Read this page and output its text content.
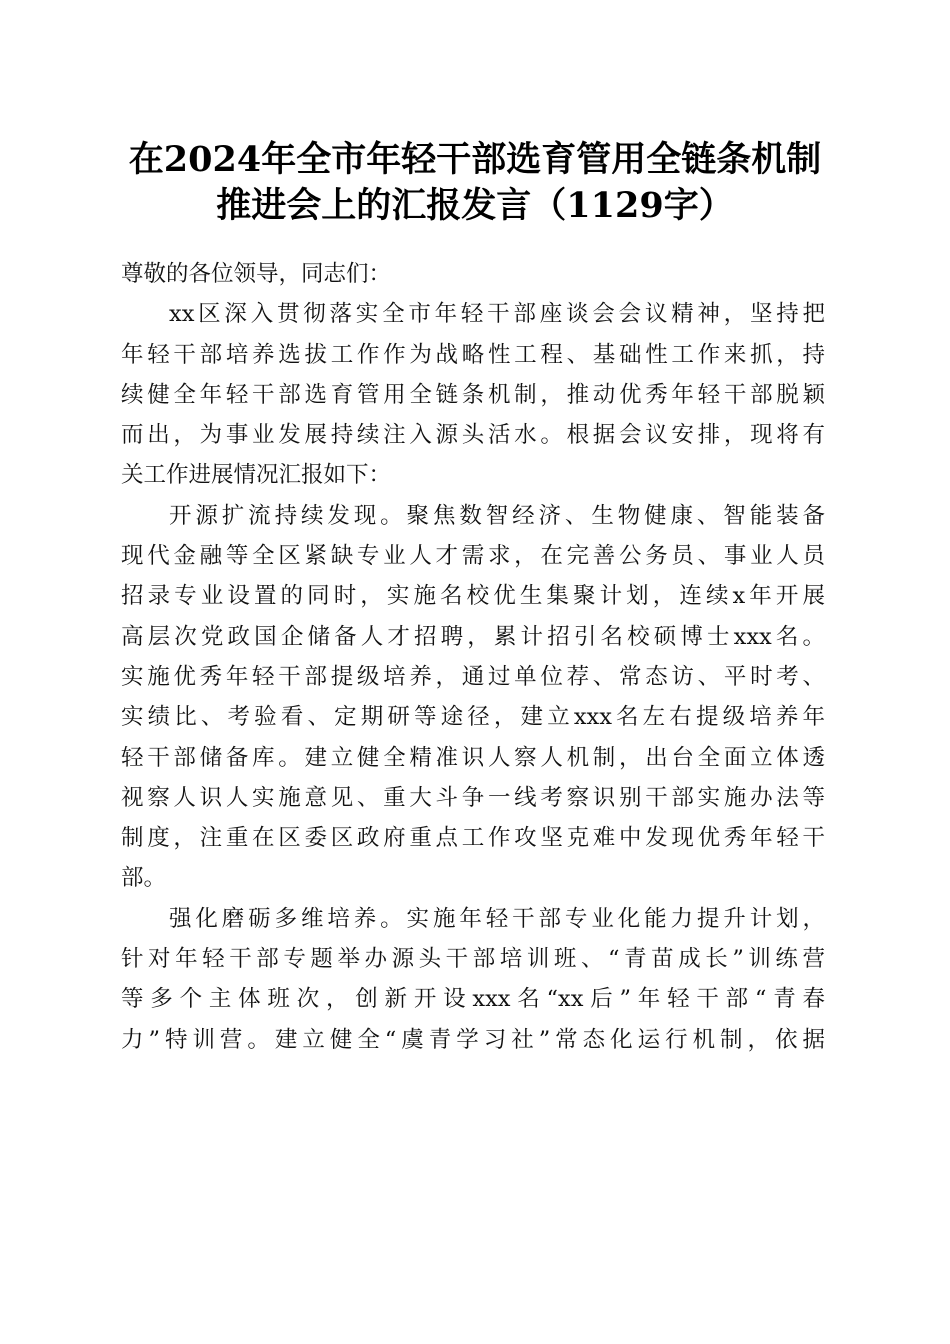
在2024年全市年轻干部选育管用全链条机制
推进会上的汇报发言（1129字）
尊敬的各位领导，同志们：
xx区深入贯彻落实全市年轻干部座谈会会议精神，坚持把
年轻干部培养选拔工作作为战略性工程、基础性工作来抓，持
续健全年轻干部选育管用全链条机制，推动优秀年轻干部脱颖
而出，为事业发展持续注入源头活水。根据会议安排，现将有
关工作进展情况汇报如下：
开源扩流持续发现。聚焦数智经济、生物健康、智能装备
现代金融等全区紧缺专业人才需求，在完善公务员、事业人员
招录专业设置的同时，实施名校优生集聚计划，连续x年开展
高层次党政国企储备人才招聘，累计招引名校硕博士xxx名。
实施优秀年轻干部提级培养，通过单位荐、常态访、平时考、
实绩比、考验看、定期研等途径，建立xxx名左右提级培养年
轻干部储备库。建立健全精准识人察人机制，出台全面立体透
视察人识人实施意见、重大斗争一线考察识别干部实施办法等
制度，注重在区委区政府重点工作攻坚克难中发现优秀年轻干
部。
强化磨砺多维培养。实施年轻干部专业化能力提升计划，
针对年轻干部专题举办源头干部培训班、“青苗成长”训练营
等多个主体班次，创新开设xxx名“xx后”年轻干部“青春
力”特训营。建立健全“虞青学习社”常态化运行机制，依据
